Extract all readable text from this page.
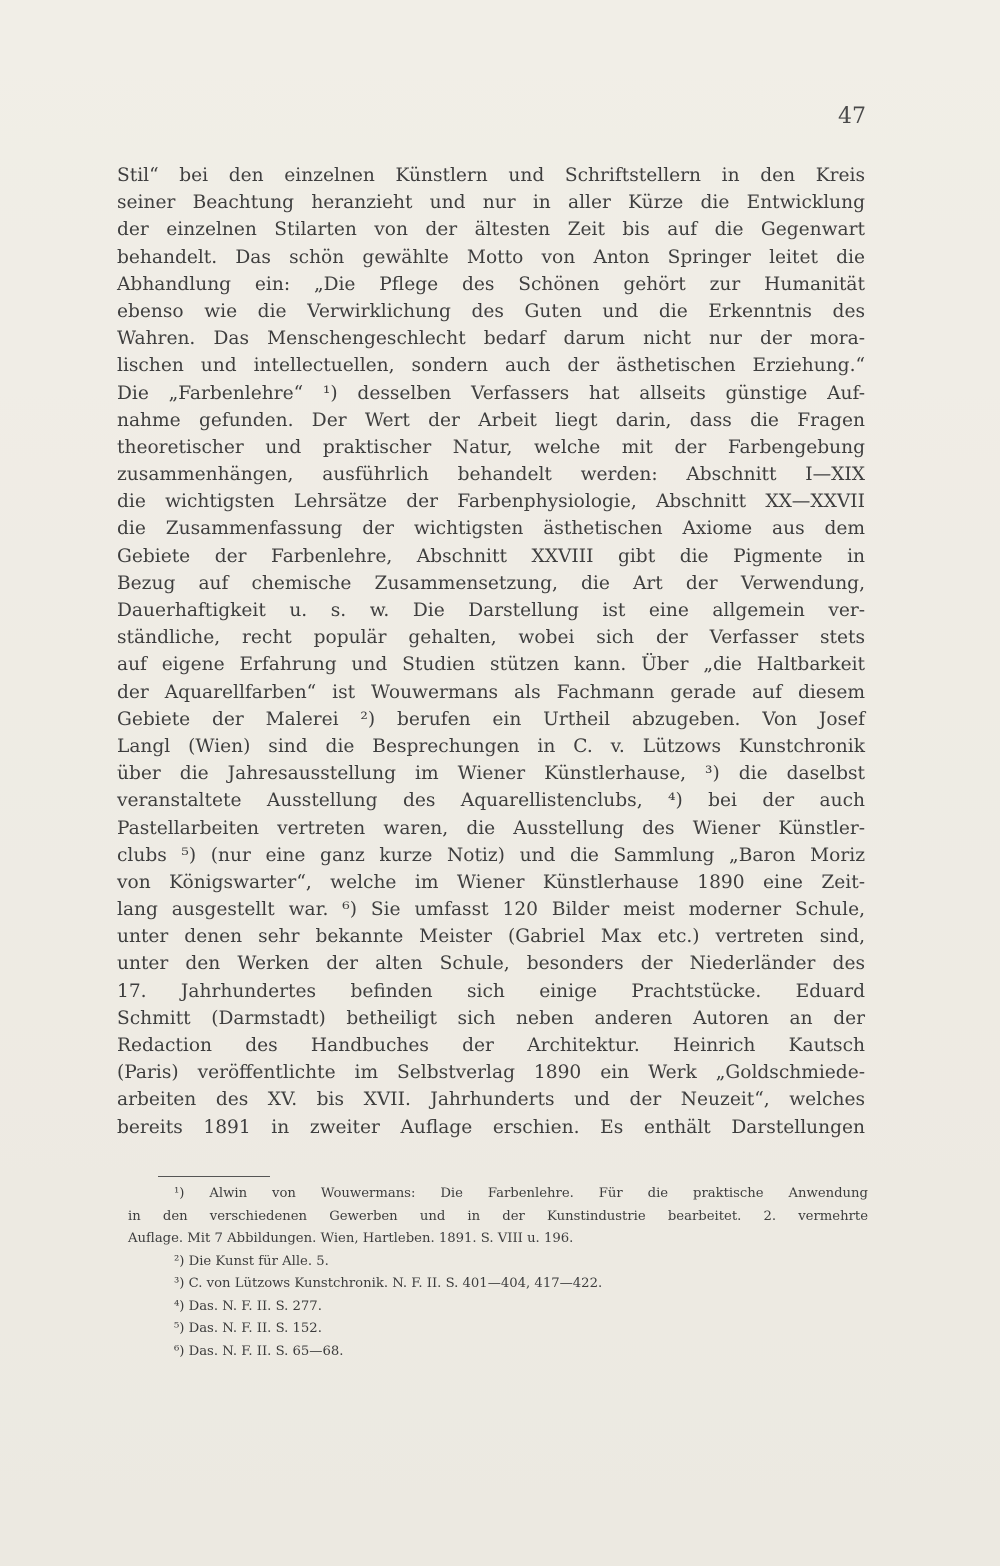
47
Stil“ bei den einzelnen Künstlern und Schriftstellern in den Kreis
seiner Beachtung heranzieht und nur in aller Kürze die Entwicklung
der einzelnen Stilarten von der ältesten Zeit bis auf die Gegenwart
behandelt. Das schön gewählte Motto von Anton Springer leitet die
Abhandlung ein: „Die Pflege des Schönen gehört zur Humanität
ebenso wie die Verwirklichung des Guten und die Erkenntnis des
Wahren. Das Menschengeschlecht bedarf darum nicht nur der mora-
lischen und intellectuellen, sondern auch der ästhetischen Erziehung.“
Die „Farbenlehre“ ¹) desselben Verfassers hat allseits günstige Auf-
nahme gefunden. Der Wert der Arbeit liegt darin, dass die Fragen
theoretischer und praktischer Natur, welche mit der Farbengebung
zusammenhängen, ausführlich behandelt werden: Abschnitt I—XIX
die wichtigsten Lehrsätze der Farbenphysiologie, Abschnitt XX—XXVII
die Zusammenfassung der wichtigsten ästhetischen Axiome aus dem
Gebiete der Farbenlehre, Abschnitt XXVIII gibt die Pigmente in
Bezug auf chemische Zusammensetzung, die Art der Verwendung,
Dauerhaftigkeit u. s. w. Die Darstellung ist eine allgemein ver-
ständliche, recht populär gehalten, wobei sich der Verfasser stets
auf eigene Erfahrung und Studien stützen kann. Über „die Haltbarkeit
der Aquarellfarben“ ist Wouwermans als Fachmann gerade auf diesem
Gebiete der Malerei ²) berufen ein Urtheil abzugeben. Von Josef
Langl (Wien) sind die Besprechungen in C. v. Lützows Kunstchronik
über die Jahresausstellung im Wiener Künstlerhause, ³) die daselbst
veranstaltete Ausstellung des Aquarellistenclubs, ⁴) bei der auch
Pastellarbeiten vertreten waren, die Ausstellung des Wiener Künstler-
clubs ⁵) (nur eine ganz kurze Notiz) und die Sammlung „Baron Moriz
von Königswarter“, welche im Wiener Künstlerhause 1890 eine Zeit-
lang ausgestellt war. ⁶) Sie umfasst 120 Bilder meist moderner Schule,
unter denen sehr bekannte Meister (Gabriel Max etc.) vertreten sind,
unter den Werken der alten Schule, besonders der Niederländer des
17. Jahrhundertes befinden sich einige Prachtstücke. Eduard
Schmitt (Darmstadt) betheiligt sich neben anderen Autoren an der
Redaction des Handbuches der Architektur. Heinrich Kautsch
(Paris) veröffentlichte im Selbstverlag 1890 ein Werk „Goldschmiede-
arbeiten des XV. bis XVII. Jahrhunderts und der Neuzeit“, welches
bereits 1891 in zweiter Auflage erschien. Es enthält Darstellungen
¹) Alwin von Wouwermans: Die Farbenlehre. Für die praktische Anwendung
in den verschiedenen Gewerben und in der Kunstindustrie bearbeitet. 2. vermehrte
Auflage. Mit 7 Abbildungen. Wien, Hartleben. 1891. S. VIII u. 196.
²) Die Kunst für Alle. 5.
³) C. von Lützows Kunstchronik. N. F. II. S. 401—404, 417—422.
⁴) Das. N. F. II. S. 277.
⁵) Das. N. F. II. S. 152.
⁶) Das. N. F. II. S. 65—68.
